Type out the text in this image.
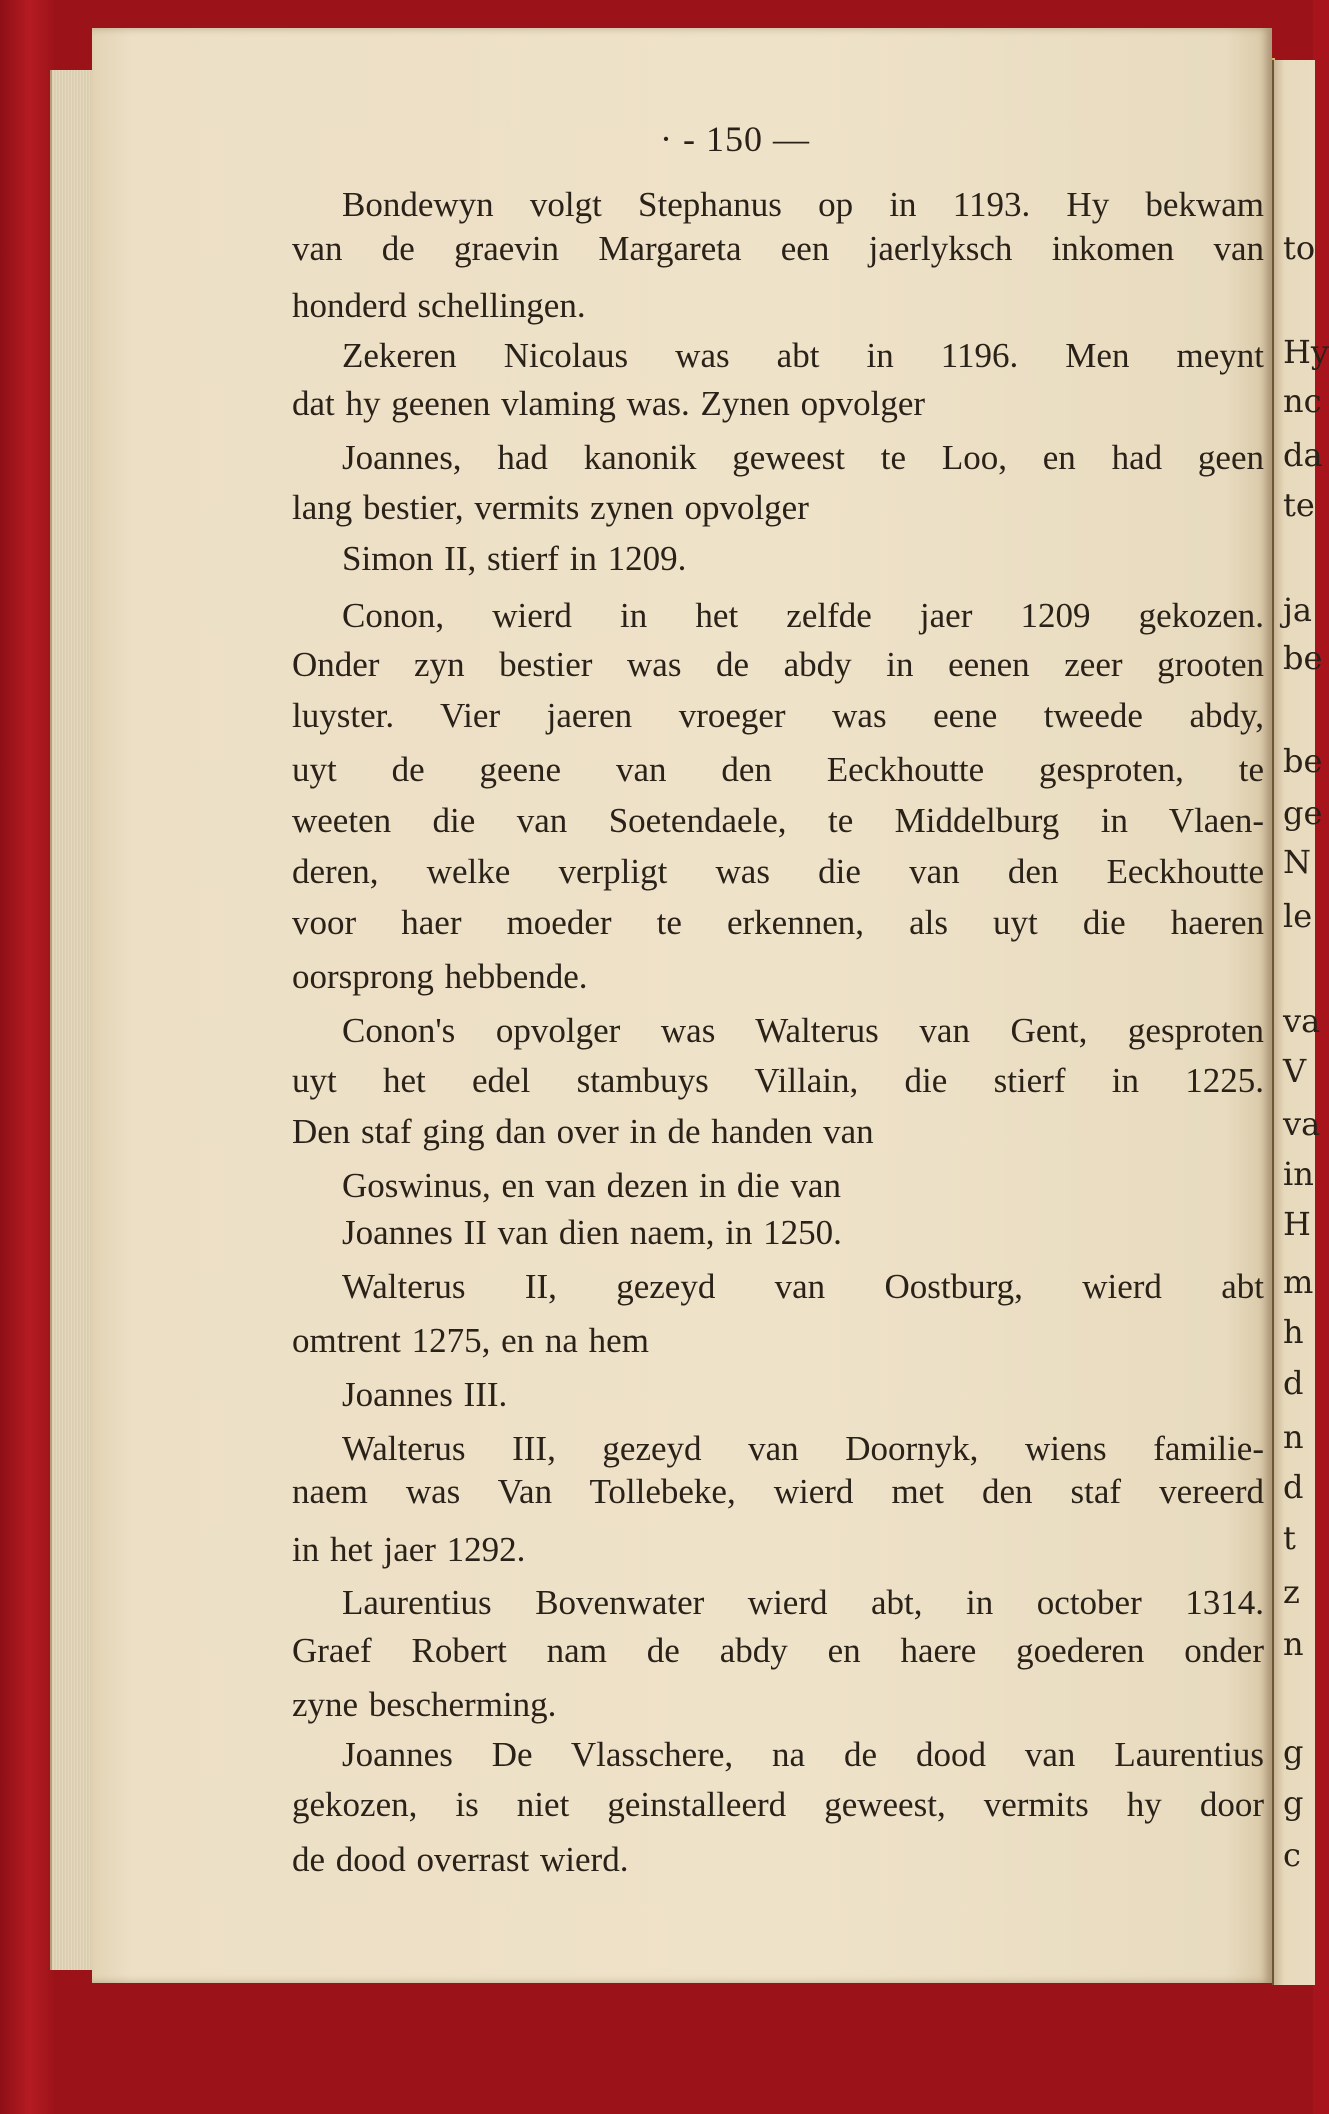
· - 150 —
Bondewyn volgt Stephanus op in 1193. Hy bekwam
van de graevin Margareta een jaerlyksch inkomen van
honderd schellingen.
Zekeren Nicolaus was abt in 1196. Men meynt
dat hy geenen vlaming was. Zynen opvolger
Joannes, had kanonik geweest te Loo, en had geen
lang bestier, vermits zynen opvolger
Simon II, stierf in 1209.
Conon, wierd in het zelfde jaer 1209 gekozen.
Onder zyn bestier was de abdy in eenen zeer grooten
luyster. Vier jaeren vroeger was eene tweede abdy,
uyt de geene van den Eeckhoutte gesproten, te
weeten die van Soetendaele, te Middelburg in Vlaen-
deren, welke verpligt was die van den Eeckhoutte
voor haer moeder te erkennen, als uyt die haeren
oorsprong hebbende.
Conon's opvolger was Walterus van Gent, gesproten
uyt het edel stambuys Villain, die stierf in 1225.
Den staf ging dan over in de handen van
Goswinus, en van dezen in die van
Joannes II van dien naem, in 1250.
Walterus II, gezeyd van Oostburg, wierd abt
omtrent 1275, en na hem
Joannes III.
Walterus III, gezeyd van Doornyk, wiens familie-
naem was Van Tollebeke, wierd met den staf vereerd
in het jaer 1292.
Laurentius Bovenwater wierd abt, in october 1314.
Graef Robert nam de abdy en haere goederen onder
zyne bescherming.
Joannes De Vlasschere, na de dood van Laurentius
gekozen, is niet geinstalleerd geweest, vermits hy door
de dood overrast wierd.
to
Hy
nc
da
te
ja
be
be
ge
N
le
va
V
va
in
H
m
h
d
n
d
t
z
n
g
g
c
